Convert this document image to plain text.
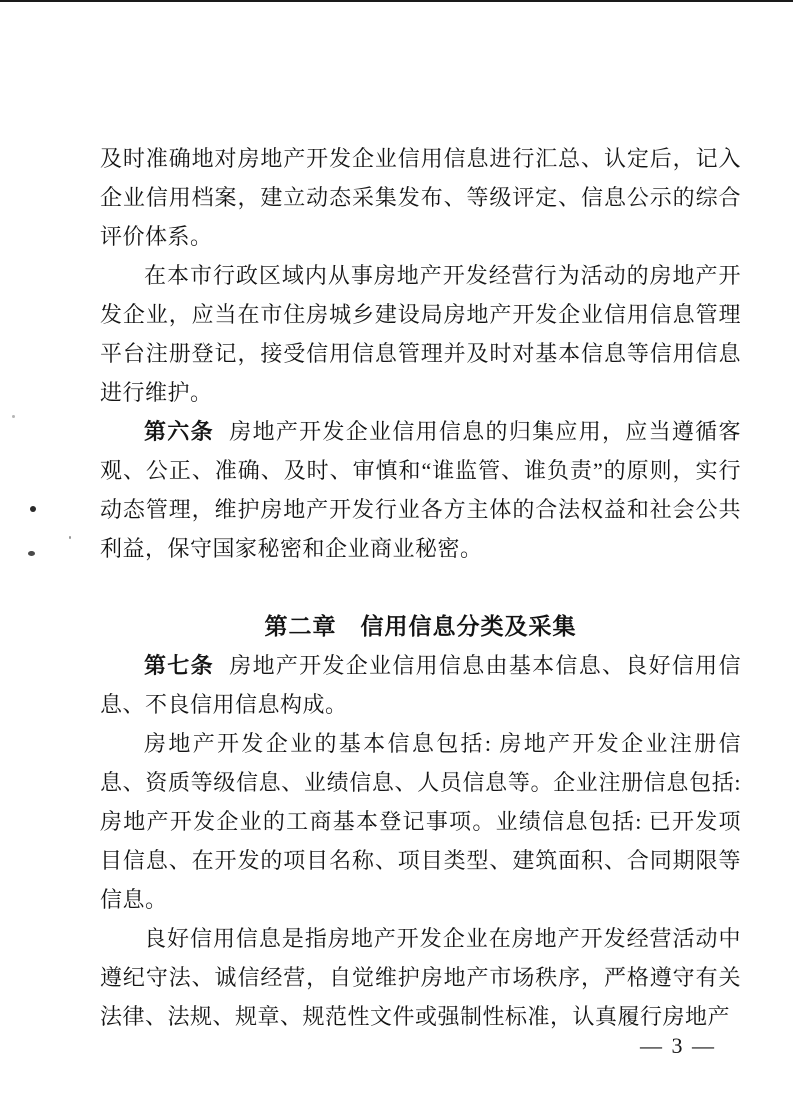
及时准确地对房地产开发企业信用信息进行汇总、认定后，记入企业信用档案，建立动态采集发布、等级评定、信息公示的综合评价体系。

在本市行政区域内从事房地产开发经营行为活动的房地产开发企业，应当在市住房城乡建设局房地产开发企业信用信息管理平台注册登记，接受信用信息管理并及时对基本信息等信用信息进行维护。

第六条 房地产开发企业信用信息的归集应用，应当遵循客观、公正、准确、及时、审慎和“谁监管、谁负责”的原则，实行动态管理，维护房地产开发行业各方主体的合法权益和社会公共利益，保守国家秘密和企业商业秘密。

第二章　信用信息分类及采集

第七条 房地产开发企业信用信息由基本信息、良好信用信息、不良信用信息构成。

房地产开发企业的基本信息包括: 房地产开发企业注册信息、资质等级信息、业绩信息、人员信息等。企业注册信息包括: 房地产开发企业的工商基本登记事项。业绩信息包括: 已开发项目信息、在开发的项目名称、项目类型、建筑面积、合同期限等信息。

良好信用信息是指房地产开发企业在房地产开发经营活动中遵纪守法、诚信经营，自觉维护房地产市场秩序，严格遵守有关法律、法规、规章、规范性文件或强制性标准，认真履行房地产

— 3 —
